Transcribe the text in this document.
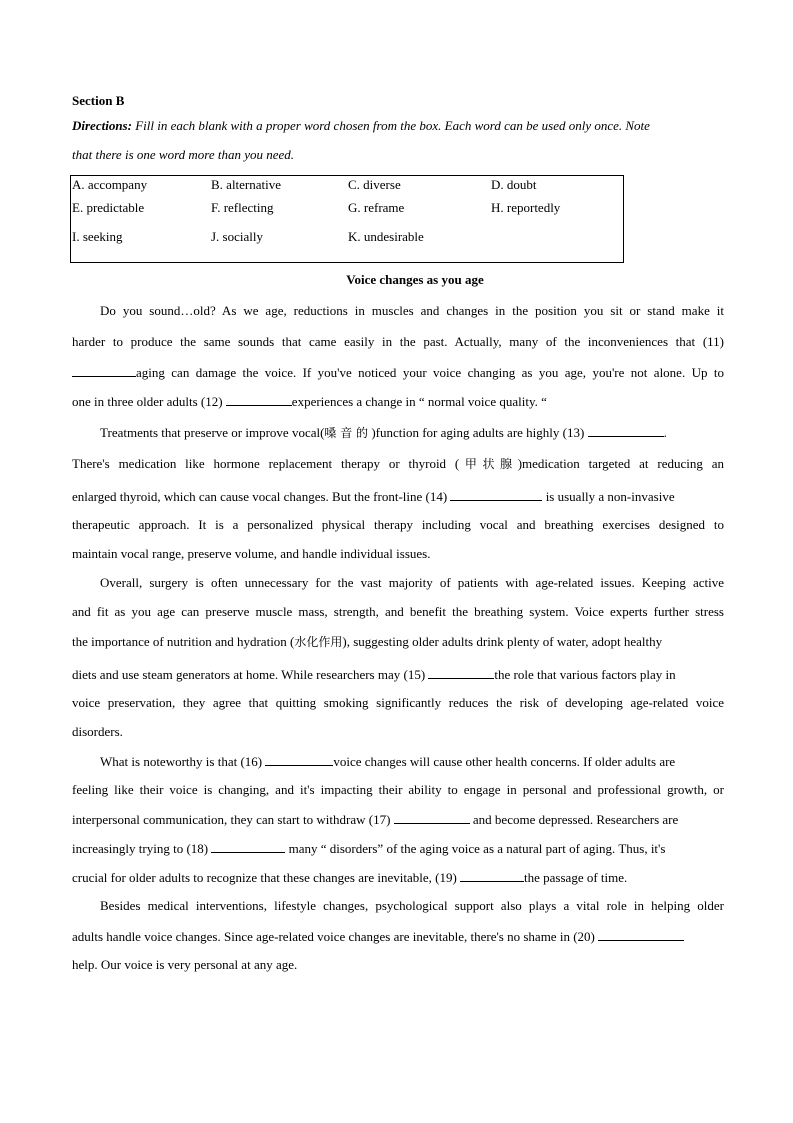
Section B
Directions: Fill in each blank with a proper word chosen from the box. Each word can be used only once. Note
that there is one word more than you need.
A. accompany	B. alternative	C. diverse	D. doubt
E. predictable	F. reflecting	G. reframe	H. reportedly
I. seeking	J. socially	K. undesirable
Voice changes as you age
Do you sound…old? As we age, reductions in muscles and changes in the position you sit or stand make it
harder to produce the same sounds that came easily in the past. Actually, many of the inconveniences that (11)
aging can damage the voice. If you've noticed your voice changing as you age, you're not alone. Up to
one in three older adults (12)	experiences a change in “ normal voice quality. “
Treatments that preserve or improve vocal(嗓 音 的 )function for aging adults are highly (13)	.
There's medication like hormone replacement therapy or thyroid (甲状腺)medication targeted at reducing an
enlarged thyroid, which can cause vocal changes. But the front-line (14)	is usually a non-invasive
therapeutic approach. It is a personalized physical therapy including vocal and breathing exercises designed to
maintain vocal range, preserve volume, and handle individual issues.
Overall, surgery is often unnecessary for the vast majority of patients with age-related issues. Keeping active
and fit as you age can preserve muscle mass, strength, and benefit the breathing system. Voice experts further stress
the importance of nutrition and hydration (水化作用), suggesting older adults drink plenty of water, adopt healthy
diets and use steam generators at home. While researchers may (15)	the role that various factors play in
voice preservation, they agree that quitting smoking significantly reduces the risk of developing age-related voice
disorders.
What is noteworthy is that (16)	voice changes will cause other health concerns. If older adults are
feeling like their voice is changing, and it's impacting their ability to engage in personal and professional growth, or
interpersonal communication, they can start to withdraw (17)	and become depressed. Researchers are
increasingly trying to (18)	many “ disorders” of the aging voice as a natural part of aging. Thus, it's
crucial for older adults to recognize that these changes are inevitable, (19)	the passage of time.
Besides medical interventions, lifestyle changes, psychological support also plays a vital role in helping older
adults handle voice changes. Since age-related voice changes are inevitable, there's no shame in (20)
help. Our voice is very personal at any age.
